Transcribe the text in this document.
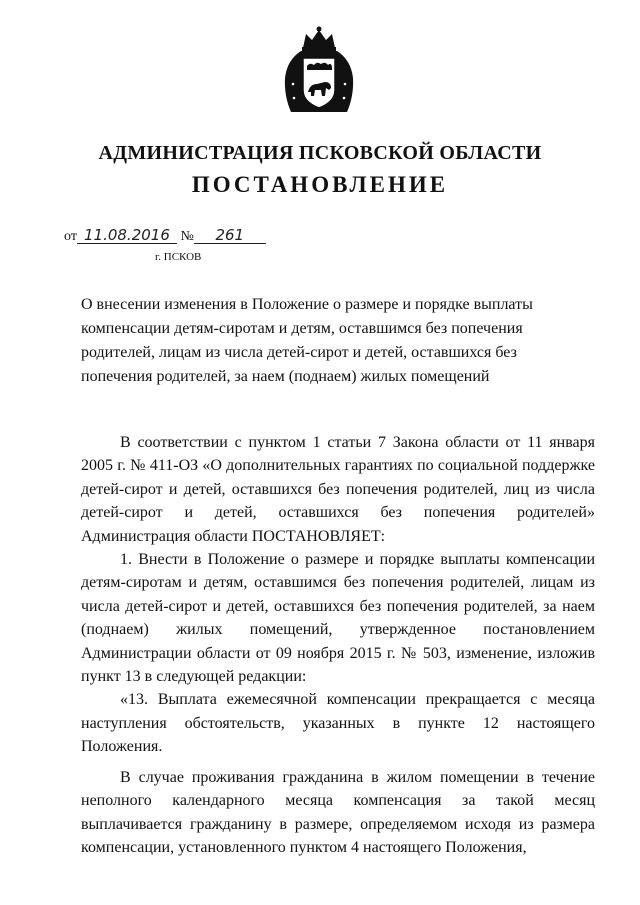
АДМИНИСТРАЦИЯ ПСКОВСКОЙ ОБЛАСТИ
ПОСТАНОВЛЕНИЕ
от 11.08.2016 № 261
г. ПСКОВ
О внесении изменения в Положение о размере и порядке выплаты компенсации детям-сиротам и детям, оставшимся без попечения родителей, лицам из числа детей-сирот и детей, оставшихся без попечения родителей, за наем (поднаем) жилых помещений

В соответствии с пунктом 1 статьи 7 Закона области от 11 января 2005 г. № 411-ОЗ «О дополнительных гарантиях по социальной поддержке детей-сирот и детей, оставшихся без попечения родителей, лиц из числа детей-сирот и детей, оставшихся без попечения родителей» Администрация области ПОСТАНОВЛЯЕТ:

1. Внести в Положение о размере и порядке выплаты компенсации детям-сиротам и детям, оставшимся без попечения родителей, лицам из числа детей-сирот и детей, оставшихся без попечения родителей, за наем (поднаем) жилых помещений, утвержденное постановлением Администрации области от 09 ноября 2015 г. № 503, изменение, изложив пункт 13 в следующей редакции:

«13. Выплата ежемесячной компенсации прекращается с месяца наступления обстоятельств, указанных в пункте 12 настоящего Положения.

В случае проживания гражданина в жилом помещении в течение неполного календарного месяца компенсация за такой месяц выплачивается гражданину в размере, определяемом исходя из размера компенсации, установленного пунктом 4 настоящего Положения,
